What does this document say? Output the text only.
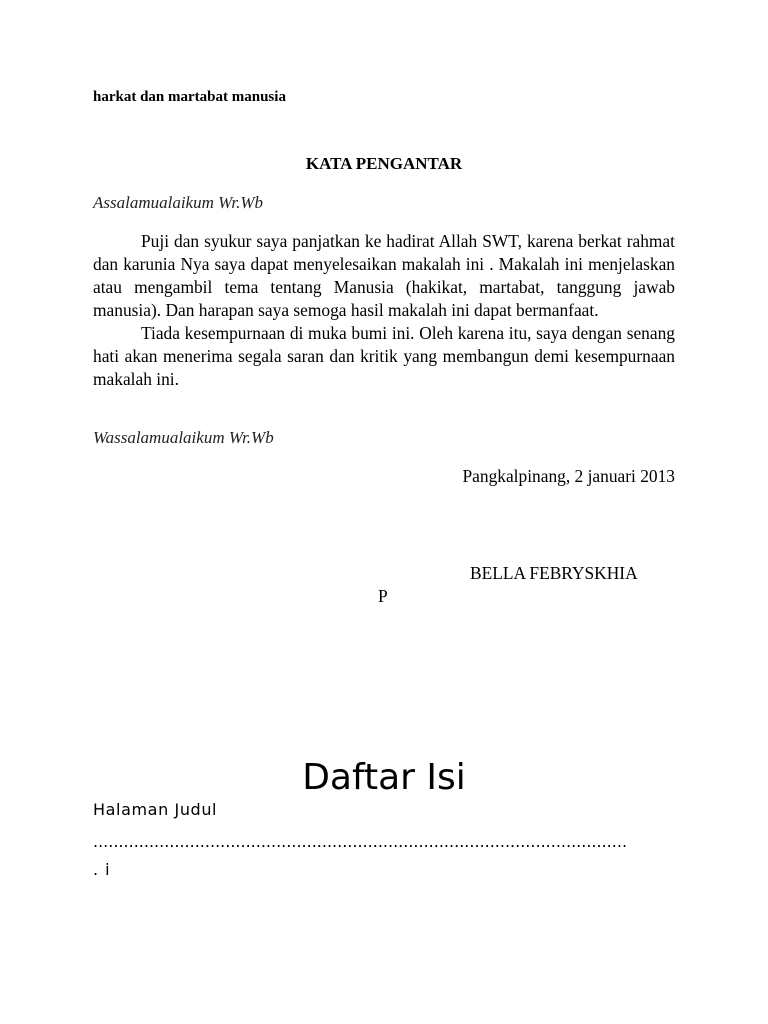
harkat dan martabat manusia
KATA PENGANTAR
Assalamualaikum Wr.Wb

Puji dan syukur saya panjatkan ke hadirat Allah SWT, karena berkat rahmat dan karunia Nya saya dapat menyelesaikan makalah ini . Makalah ini menjelaskan atau mengambil tema tentang Manusia (hakikat, martabat, tanggung jawab manusia). Dan harapan saya semoga hasil makalah ini dapat bermanfaat.

Tiada kesempurnaan di muka bumi ini. Oleh karena itu, saya dengan senang hati akan menerima segala saran dan kritik yang membangun demi kesempurnaan makalah ini.

Wassalamualaikum Wr.Wb
Pangkalpinang, 2 januari 2013
BELLA FEBRYSKHIA
P
Daftar Isi
Halaman Judul
.........................................................................................................
. i
